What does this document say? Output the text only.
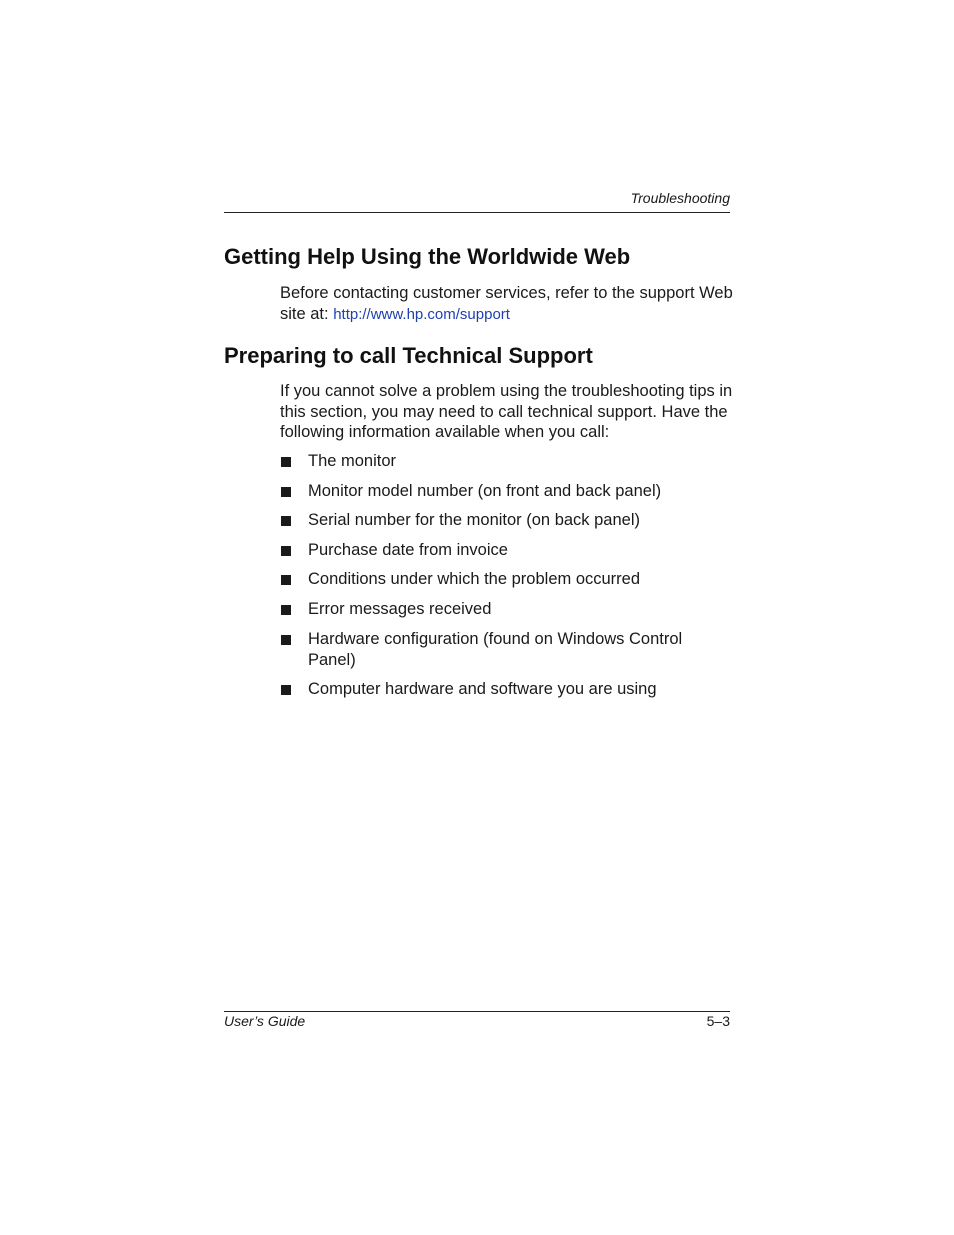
Troubleshooting
Getting Help Using the Worldwide Web

Before contacting customer services, refer to the support Web site at: http://www.hp.com/support

Preparing to call Technical Support

If you cannot solve a problem using the troubleshooting tips in this section, you may need to call technical support. Have the following information available when you call:

The monitor
Monitor model number (on front and back panel)
Serial number for the monitor (on back panel)
Purchase date from invoice
Conditions under which the problem occurred
Error messages received
Hardware configuration (found on Windows Control Panel)
Computer hardware and software you are using
User’s Guide	5–3
